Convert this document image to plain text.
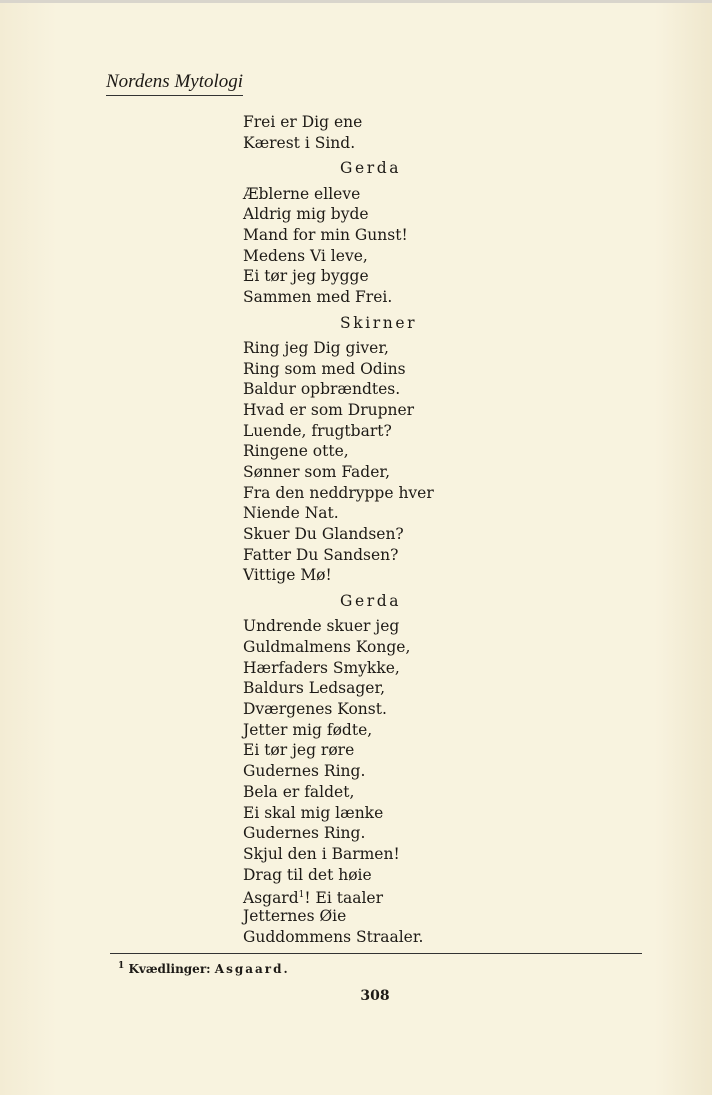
Nordens Mytologi
Frei er Dig ene
Kærest i Sind.
Gerda
Æblerne elleve
Aldrig mig byde
Mand for min Gunst!
Medens Vi leve,
Ei tør jeg bygge
Sammen med Frei.
Skirner
Ring jeg Dig giver,
Ring som med Odins
Baldur opbrændtes.
Hvad er som Drupner
Luende, frugtbart?
Ringene otte,
Sønner som Fader,
Fra den neddryppe hver
Niende Nat.
Skuer Du Glandsen?
Fatter Du Sandsen?
Vittige Mø!
Gerda
Undrende skuer jeg
Guldmalmens Konge,
Hærfaders Smykke,
Baldurs Ledsager,
Dværgenes Konst.
Jetter mig fødte,
Ei tør jeg røre
Gudernes Ring.
Bela er faldet,
Ei skal mig lænke
Gudernes Ring.
Skjul den i Barmen!
Drag til det høie
Asgard$^1$! Ei taaler
Jetternes Øie
Guddommens Straaler.
$^1$ Kvædlinger: Asgaard.
308
